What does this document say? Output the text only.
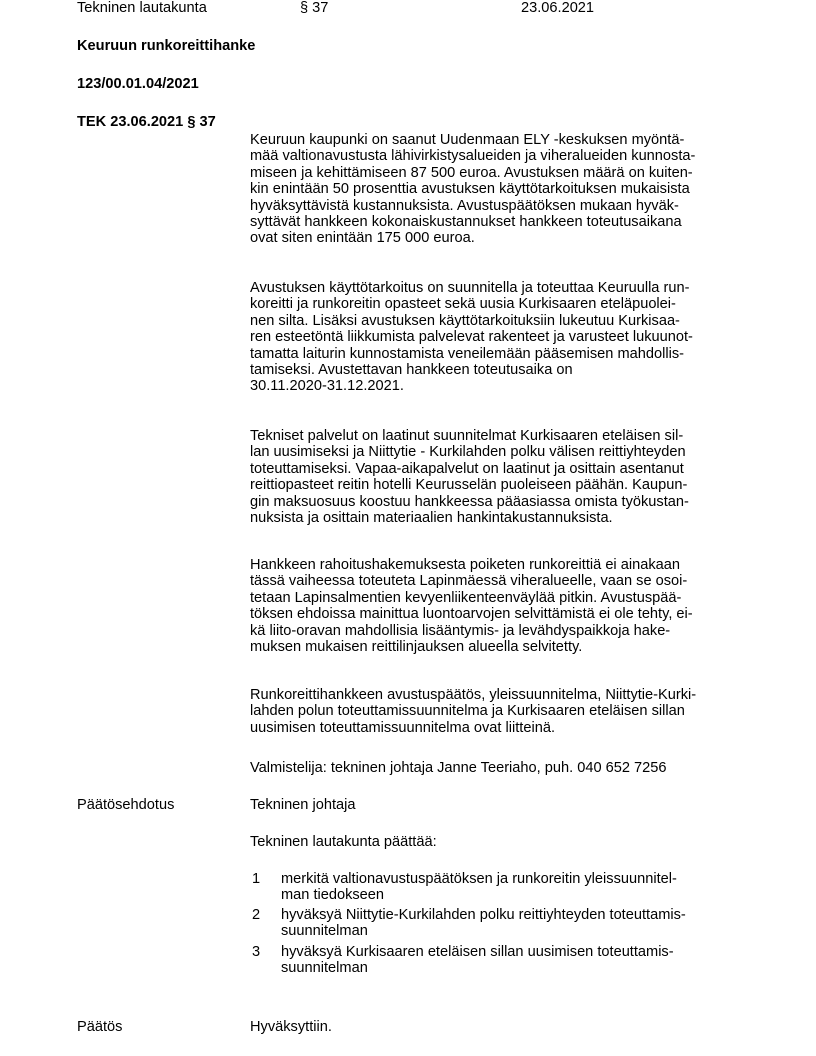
Tekninen lautakunta	§ 37	23.06.2021
Keuruun runkoreittihanke
123/00.01.04/2021
TEK 23.06.2021 § 37
Keuruun kaupunki on saanut Uudenmaan ELY -keskuksen myöntä-
mää valtionavustusta lähivirkistysalueiden ja viheralueiden kunnosta-
miseen ja kehittämiseen 87 500 euroa. Avustuksen määrä on kuiten-
kin enintään 50 prosenttia avustuksen käyttötarkoituksen mukaisista
hyväksyttävistä kustannuksista. Avustuspäätöksen mukaan hyväk-
syttävät hankkeen kokonaiskustannukset hankkeen toteutusaikana
ovat siten enintään 175 000 euroa.
Avustuksen käyttötarkoitus on suunnitella ja toteuttaa Keuruulla run-
koreitti ja runkoreitin opasteet sekä uusia Kurkisaaren eteläpuolei-
nen silta. Lisäksi avustuksen käyttötarkoituksiin lukeutuu Kurkisaa-
ren esteetöntä liikkumista palvelevat rakenteet ja varusteet lukuunot-
tamatta laiturin kunnostamista veneilemään pääsemisen mahdollis-
tamiseksi. Avustettavan hankkeen toteutusaika on
30.11.2020-31.12.2021.
Tekniset palvelut on laatinut suunnitelmat Kurkisaaren eteläisen sil-
lan uusimiseksi ja Niittytie - Kurkilahden polku välisen reittiyhteyden
toteuttamiseksi. Vapaa-aikapalvelut on laatinut ja osittain asentanut
reittiopasteet reitin hotelli Keurusselän puoleiseen päähän. Kaupun-
gin maksuosuus koostuu hankkeessa pääasiassa omista työkustan-
nuksista ja osittain materiaalien hankintakustannuksista.
Hankkeen rahoitushakemuksesta poiketen runkoreittiä ei ainakaan
tässä vaiheessa toteuteta Lapinmäessä viheralueelle, vaan se osoi-
tetaan Lapinsalmentien kevyenliikenteenväylää pitkin. Avustuspää-
töksen ehdoissa mainittua luontoarvojen selvittämistä ei ole tehty, ei-
kä liito-oravan mahdollisia lisääntymis- ja levähdyspaikkoja hake-
muksen mukaisen reittilinjauksen alueella selvitetty.
Runkoreittihankkeen avustuspäätös, yleissuunnitelma, Niittytie-Kurki-
lahden polun toteuttamissuunnitelma ja Kurkisaaren eteläisen sillan
uusimisen toteuttamissuunnitelma ovat liitteinä.
Valmistelija: tekninen johtaja Janne Teeriaho, puh. 040 652 7256
Päätösehdotus	Tekninen johtaja
Tekninen lautakunta päättää:
1 merkitä valtionavustuspäätöksen ja runkoreitin yleissuunnitel-
man tiedokseen
2 hyväksyä Niittytie-Kurkilahden polku reittiyhteyden toteuttamis-
suunnitelman
3 hyväksyä Kurkisaaren eteläisen sillan uusimisen toteuttamis-
suunnitelman
Päätös	Hyväksyttiin.
